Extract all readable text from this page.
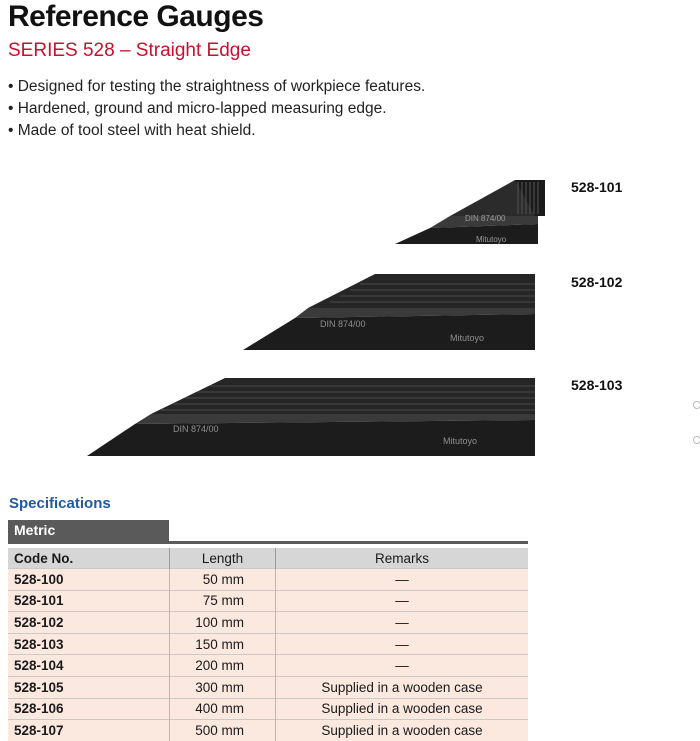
Reference Gauges
SERIES 528 – Straight Edge
• Designed for testing the straightness of workpiece features.
• Hardened, ground and micro-lapped measuring edge.
• Made of tool steel with heat shield.
DIN 874/00
Mitutoyo
528-101
DIN 874/00
Mitutoyo
528-102
DIN 874/00
Mitutoyo
528-103
Specifications
Metric
Code No.	Length	Remarks
528-100	50 mm	—
528-101	75 mm	—
528-102	100 mm	—
528-103	150 mm	—
528-104	200 mm	—
528-105	300 mm	Supplied in a wooden case
528-106	400 mm	Supplied in a wooden case
528-107	500 mm	Supplied in a wooden case
